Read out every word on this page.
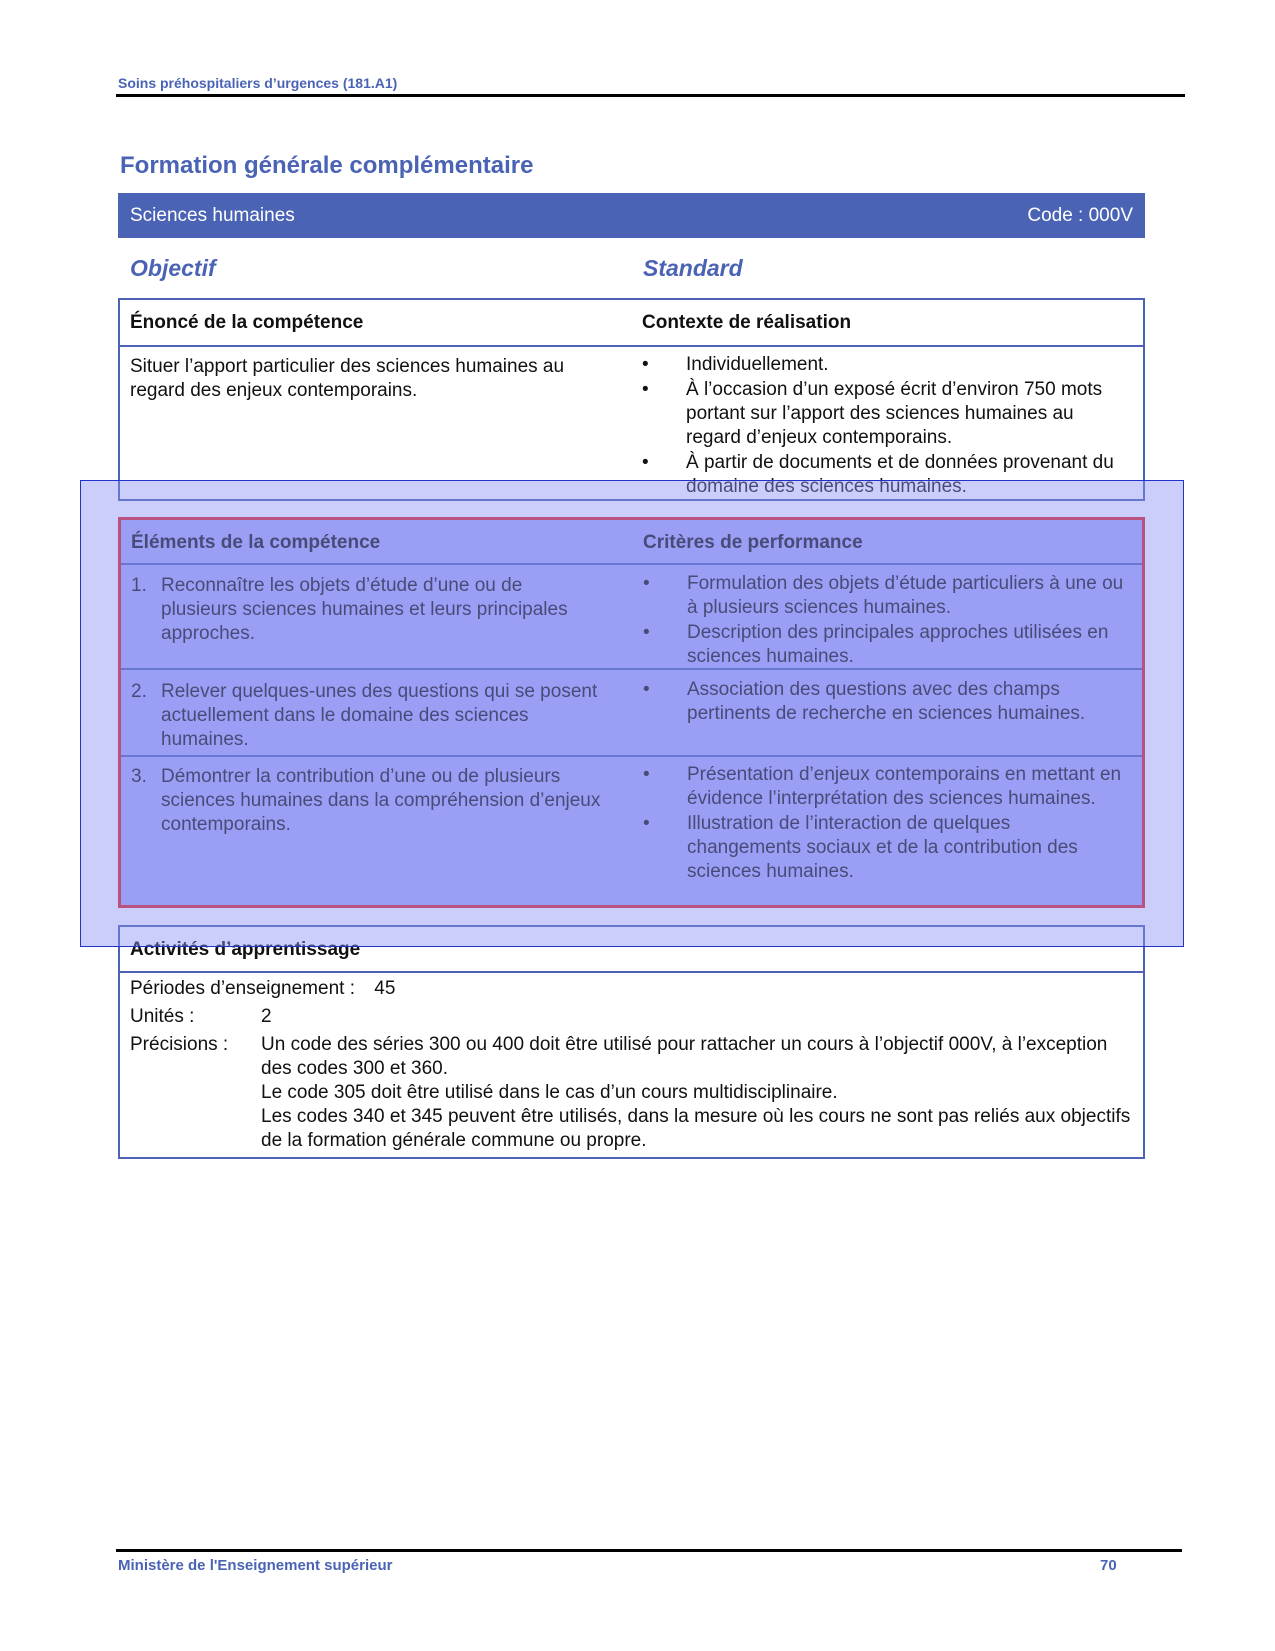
Soins préhospitaliers d’urgences (181.A1)
Formation générale complémentaire
Sciences humaines	Code : 000V
Objectif	Standard
Énoncé de la compétence	Contexte de réalisation
Situer l’apport particulier des sciences humaines au regard des enjeux contemporains.
• Individuellement.
• À l’occasion d’un exposé écrit d’environ 750 mots portant sur l’apport des sciences humaines au regard d’enjeux contemporains.
• À partir de documents et de données provenant du domaine des sciences humaines.
Éléments de la compétence	Critères de performance
1. Reconnaître les objets d’étude d’une ou de plusieurs sciences humaines et leurs principales approches.
• Formulation des objets d’étude particuliers à une ou à plusieurs sciences humaines.
• Description des principales approches utilisées en sciences humaines.
2. Relever quelques-unes des questions qui se posent actuellement dans le domaine des sciences humaines.
• Association des questions avec des champs pertinents de recherche en sciences humaines.
3. Démontrer la contribution d’une ou de plusieurs sciences humaines dans la compréhension d’enjeux contemporains.
• Présentation d’enjeux contemporains en mettant en évidence l’interprétation des sciences humaines.
• Illustration de l’interaction de quelques changements sociaux et de la contribution des sciences humaines.
Activités d’apprentissage
Périodes d’enseignement : 45
Unités :	2
Précisions : Un code des séries 300 ou 400 doit être utilisé pour rattacher un cours à l’objectif 000V, à l’exception des codes 300 et 360.
Le code 305 doit être utilisé dans le cas d’un cours multidisciplinaire.
Les codes 340 et 345 peuvent être utilisés, dans la mesure où les cours ne sont pas reliés aux objectifs de la formation générale commune ou propre.
Ministère de l'Enseignement supérieur	70
